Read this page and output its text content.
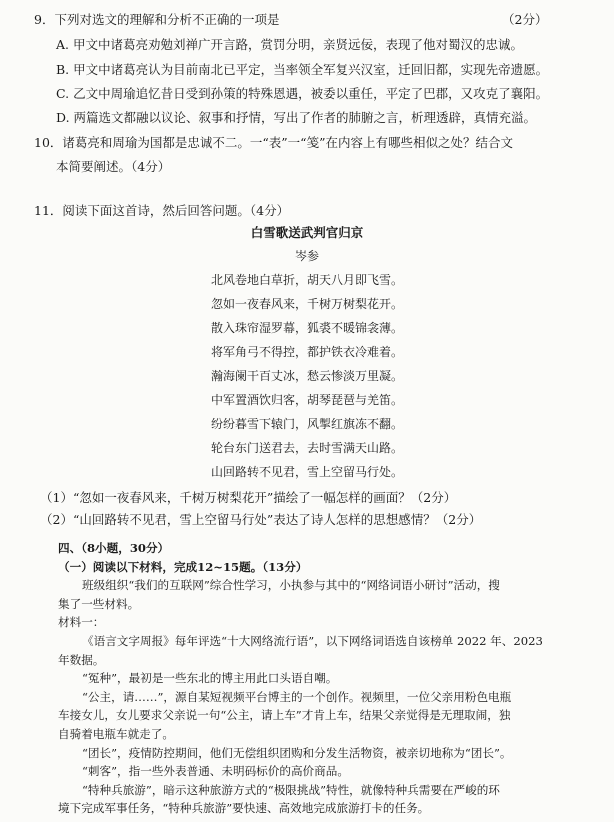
9．下列对选文的理解和分析不正确的一项是	（2分）
A. 甲文中诸葛亮劝勉刘禅广开言路，赏罚分明，亲贤远佞，表现了他对蜀汉的忠诚。
B. 甲文中诸葛亮认为目前南北已平定，当率领全军复兴汉室，迁回旧都，实现先帝遗愿。
C. 乙文中周瑜追忆昔日受到孙策的特殊恩遇，被委以重任，平定了巴郡，又攻克了襄阳。
D. 两篇选文都融以议论、叙事和抒情，写出了作者的肺腑之言，析理透辟，真情充溢。
10．诸葛亮和周瑜为国都是忠诚不二。一“表”一“笺”在内容上有哪些相似之处？结合文
本简要阐述。（4分）
11．阅读下面这首诗，然后回答问题。（4分）
白雪歌送武判官归京
岑参
北风卷地白草折，胡天八月即飞雪。
忽如一夜春风来，千树万树梨花开。
散入珠帘湿罗幕，狐裘不暖锦衾薄。
将军角弓不得控，都护铁衣冷难着。
瀚海阑干百丈冰，愁云惨淡万里凝。
中军置酒饮归客，胡琴琵琶与羌笛。
纷纷暮雪下辕门，风掣红旗冻不翻。
轮台东门送君去，去时雪满天山路。
山回路转不见君，雪上空留马行处。
（1）“忽如一夜春风来，千树万树梨花开”描绘了一幅怎样的画面？（2分）
（2）“山回路转不见君，雪上空留马行处”表达了诗人怎样的思想感情？（2分）
四、（8小题，30分）
（一）阅读以下材料，完成12~15题。（13分）
班级组织“我们的互联网”综合性学习，小执参与其中的“网络词语小研讨”活动，搜
集了一些材料。
材料一：
《语言文字周报》每年评选“十大网络流行语”，以下网络词语选自该榜单 2022 年、2023
年数据。
“冤种”，最初是一些东北的博主用此口头语自嘲。
“公主，请……”，源自某短视频平台博主的一个创作。视频里，一位父亲用粉色电瓶
车接女儿，女儿要求父亲说一句“公主，请上车”才肯上车，结果父亲觉得是无理取闹，独
自骑着电瓶车就走了。
“团长”，疫情防控期间，他们无偿组织团购和分发生活物资，被亲切地称为“团长”。
“刺客”，指一些外表普通、未明码标价的高价商品。
“特种兵旅游”，暗示这种旅游方式的“极限挑战”特性，就像特种兵需要在严峻的环
境下完成军事任务，“特种兵旅游”要快速、高效地完成旅游打卡的任务。
